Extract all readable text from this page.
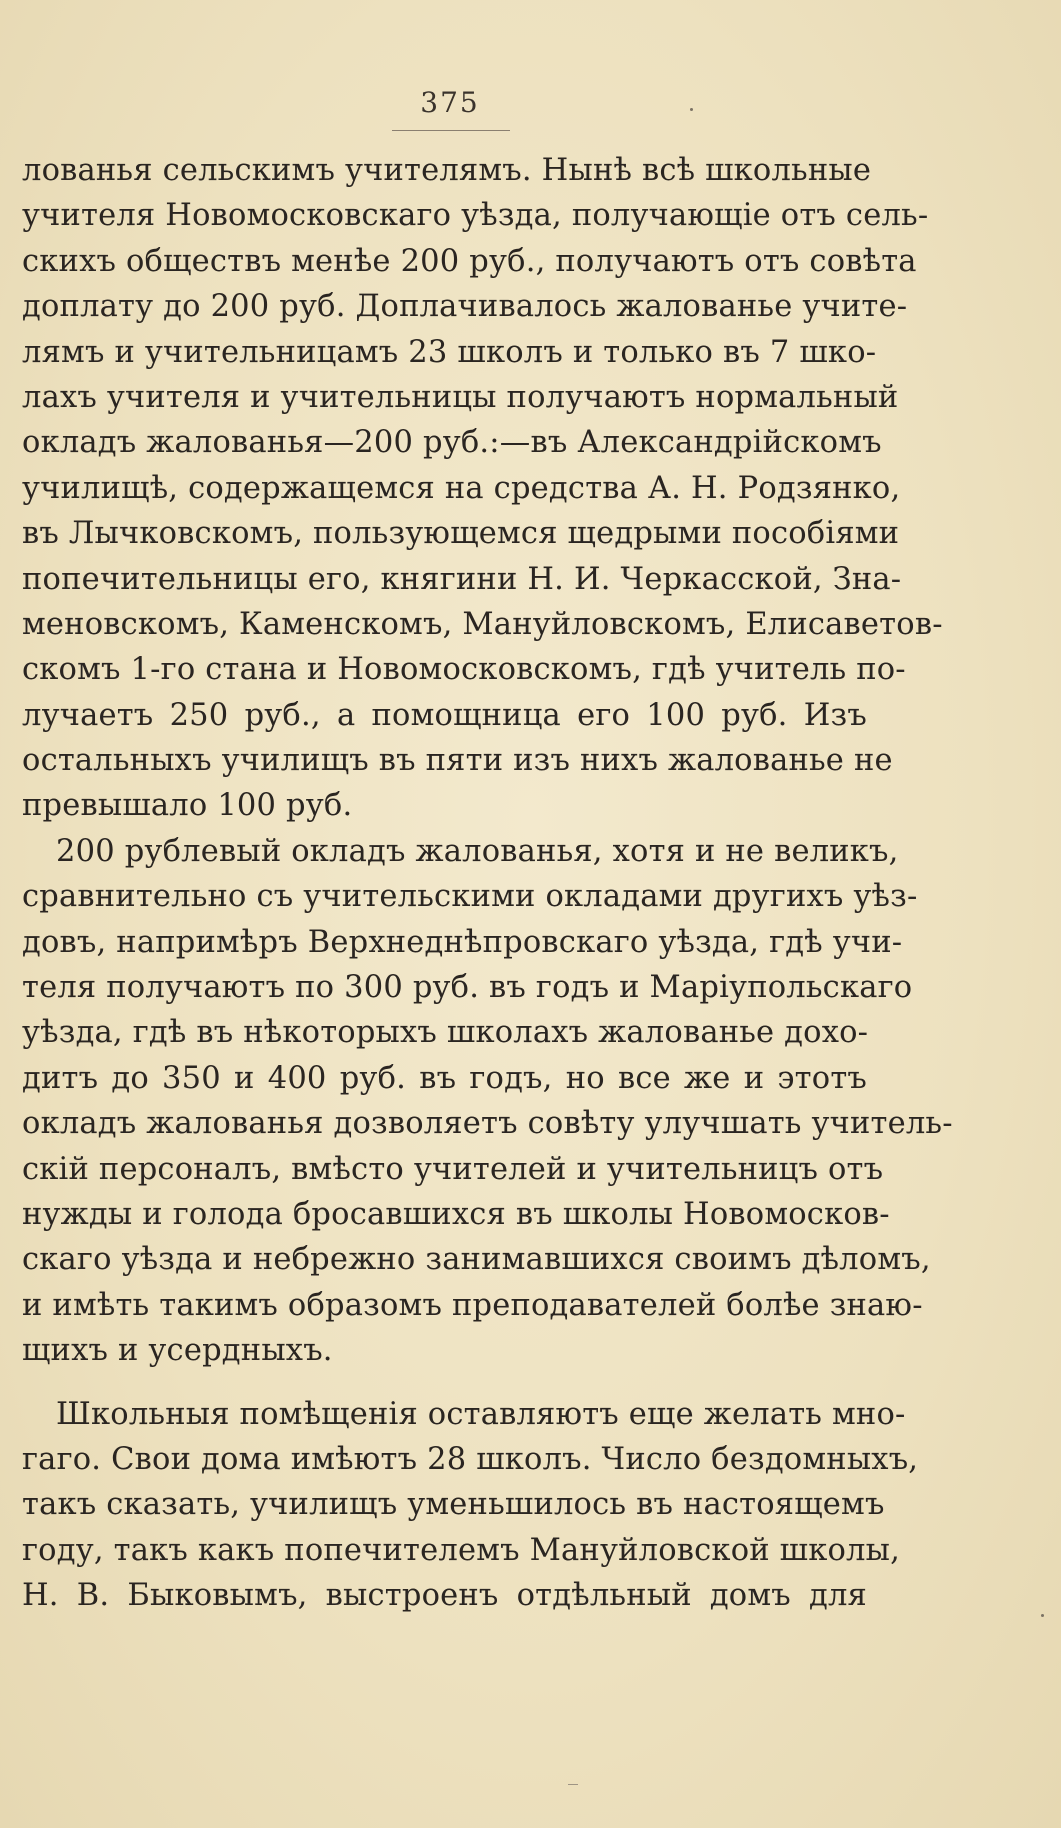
375
лованья сельскимъ учителямъ. Нынѣ всѣ школьные
учителя Новомосковскаго уѣзда, получающіе отъ сель-
скихъ обществъ менѣе 200 руб., получаютъ отъ совѣта
доплату до 200 руб. Доплачивалось жалованье учите-
лямъ и учительницамъ 23 школъ и только въ 7 шко-
лахъ учителя и учительницы получаютъ нормальный
окладъ жалованья—200 руб.:—въ Александрійскомъ
училищѣ, содержащемся на средства А. Н. Родзянко,
въ Лычковскомъ, пользующемся щедрыми пособіями
попечительницы его, княгини Н. И. Черкасской, Зна-
меновскомъ, Каменскомъ, Мануйловскомъ, Елисаветов-
скомъ 1-го стана и Новомосковскомъ, гдѣ учитель по-
лучаетъ 250 руб., а помощница его 100 руб. Изъ
остальныхъ училищъ въ пяти изъ нихъ жалованье не
превышало 100 руб.
200 рублевый окладъ жалованья, хотя и не великъ,
сравнительно съ учительскими окладами другихъ уѣз-
довъ, напримѣръ Верхнеднѣпровскаго уѣзда, гдѣ учи-
теля получаютъ по 300 руб. въ годъ и Маріупольскаго
уѣзда, гдѣ въ нѣкоторыхъ школахъ жалованье дохо-
дитъ до 350 и 400 руб. въ годъ, но все же и этотъ
окладъ жалованья дозволяетъ совѣту улучшать учитель-
скій персоналъ, вмѣсто учителей и учительницъ отъ
нужды и голода бросавшихся въ школы Новомосков-
скаго уѣзда и небрежно занимавшихся своимъ дѣломъ,
и имѣть такимъ образомъ преподавателей болѣе знаю-
щихъ и усердныхъ.
Школьныя помѣщенія оставляютъ еще желать мно-
гаго. Свои дома имѣютъ 28 школъ. Число бездомныхъ,
такъ сказать, училищъ уменьшилось въ настоящемъ
году, такъ какъ попечителемъ Мануйловской школы,
Н. В. Быковымъ, выстроенъ отдѣльный домъ для
